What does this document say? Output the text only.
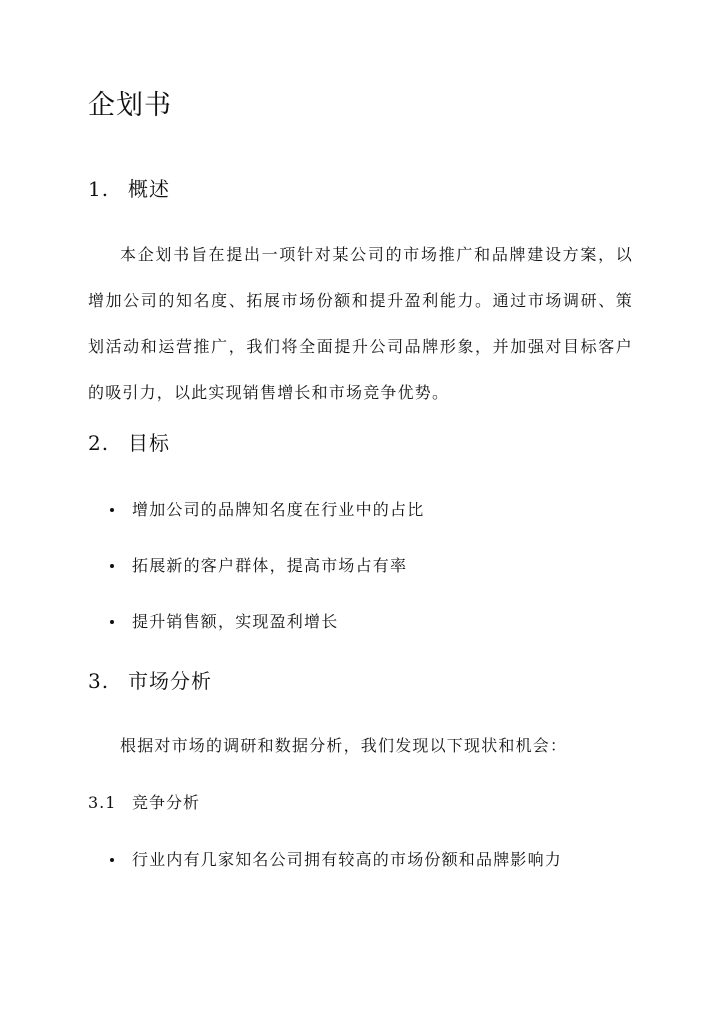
企划书
1. 概述

本企划书旨在提出一项针对某公司的市场推广和品牌建设方案，以增加公司的知名度、拓展市场份额和提升盈利能力。通过市场调研、策划活动和运营推广，我们将全面提升公司品牌形象，并加强对目标客户的吸引力，以此实现销售增长和市场竞争优势。

2. 目标
增加公司的品牌知名度在行业中的占比
拓展新的客户群体，提高市场占有率
提升销售额，实现盈利增长
3. 市场分析

根据对市场的调研和数据分析，我们发现以下现状和机会：

3.1 竞争分析
行业内有几家知名公司拥有较高的市场份额和品牌影响力
